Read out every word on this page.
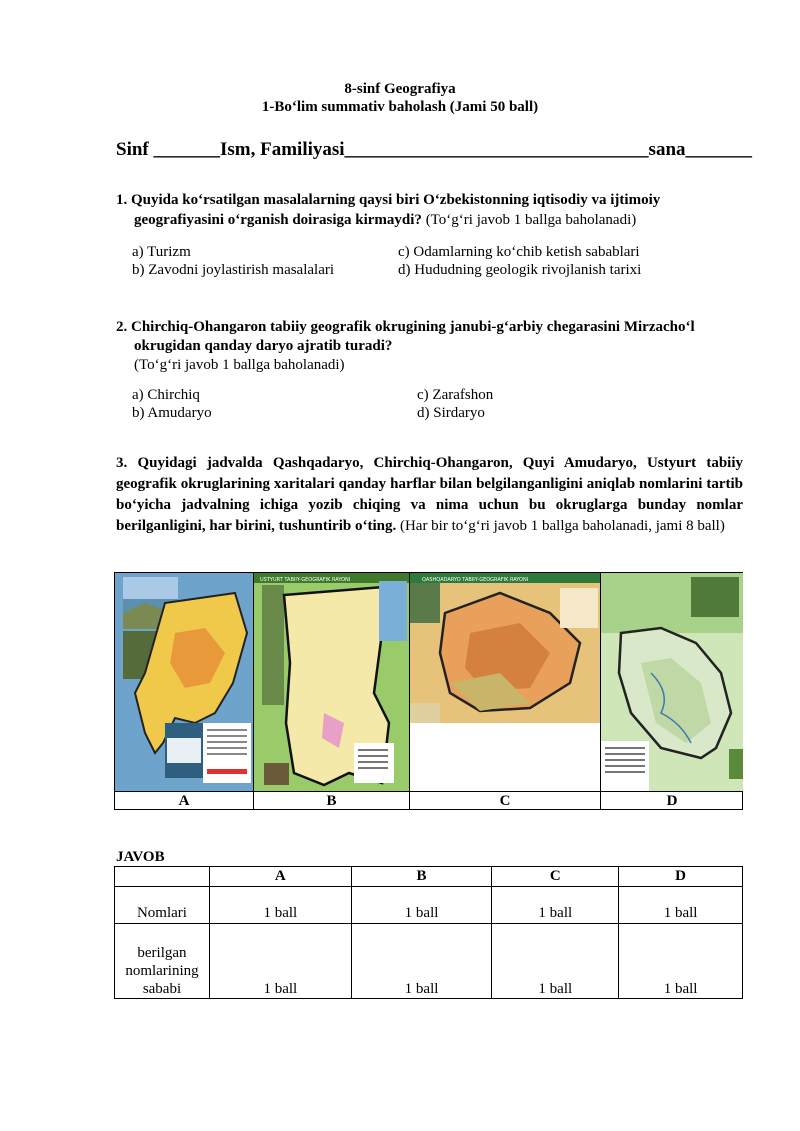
8-sinf Geografiya
1-Bo‘lim summativ baholash (Jami 50 ball)
Sinf _______Ism, Familiyasi________________________________sana_______
1. Quyida ko‘rsatilgan masalalarning qaysi biri O‘zbekistonning iqtisodiy va ijtimoiy
geografiyasini o‘rganish doirasiga kirmaydi? (To‘g‘ri javob 1 ballga baholanadi)
a) Turizm
b) Zavodni joylastirish masalalari
c) Odamlarning ko‘chib ketish sabablari
d) Hududning geologik rivojlanish tarixi
2. Chirchiq-Ohangaron tabiiy geografik okrugining janubi-g‘arbiy chegarasini Mirzacho‘l
okrugidan qanday daryo ajratib turadi?
(To‘g‘ri javob 1 ballga baholanadi)
a) Chirchiq
b) Amudaryo
c) Zarafshon
d) Sirdaryo
3. Quyidagi jadvalda Qashqadaryo, Chirchiq-Ohangaron, Quyi Amudaryo, Ustyurt tabiiy geografik okruglarining xaritalari qanday harflar bilan belgilanganligini aniqlab nomlarini tartib bo‘yicha jadvalning ichiga yozib chiqing va nima uchun bu okruglarga bunday nomlar berilganligini, har birini, tushuntirib o‘ting. (Har bir to‘g‘ri javob 1 ballga baholanadi, jami 8 ball)
USTYURT TABIIY-GEOGRAFIK RAYONI	QASHQADARYO TABIIY-GEOGRAFIK RAYONI
A	B	C	D
JAVOB
	A	B	C	D
Nomlari	1 ball	1 ball	1 ball	1 ball

berilgan
nomlarining
sababi	1 ball	1 ball	1 ball	1 ball
